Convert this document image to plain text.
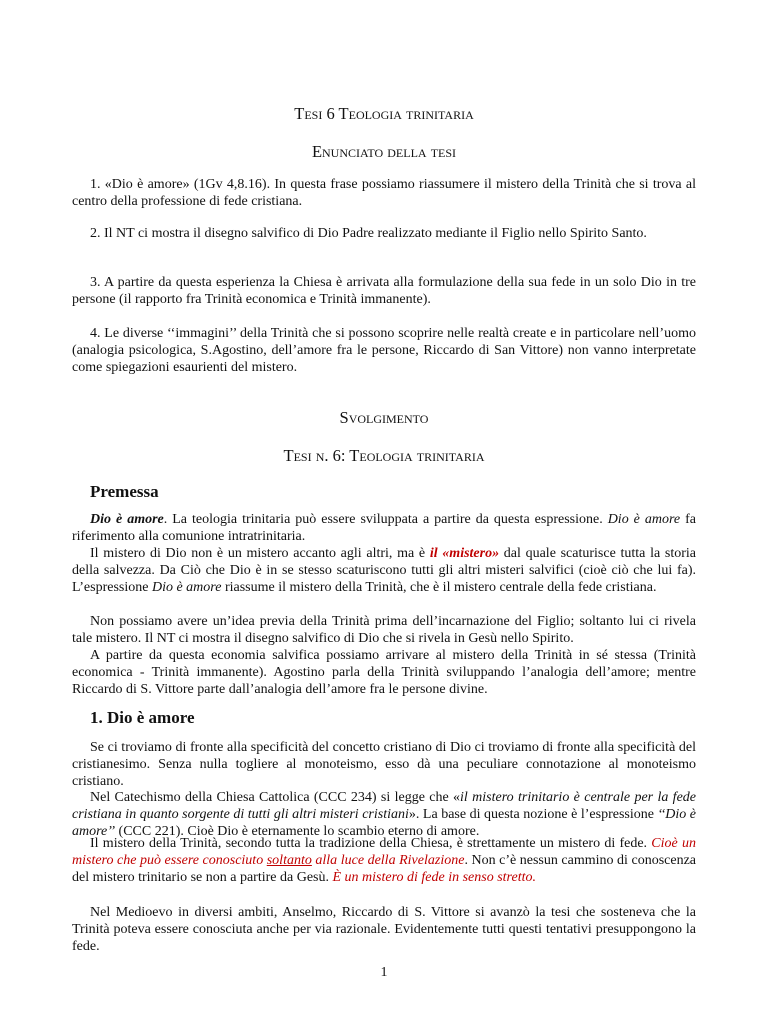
Tesi 6 Teologia trinitaria
Enunciato della tesi
1. «Dio è amore» (1Gv 4,8.16). In questa frase possiamo riassumere il mistero della Trinità che si trova al centro della professione di fede cristiana.
2. Il NT ci mostra il disegno salvifico di Dio Padre realizzato mediante il Figlio nello Spirito Santo.
3. A partire da questa esperienza la Chiesa è arrivata alla formulazione della sua fede in un solo Dio in tre persone (il rapporto fra Trinità economica e Trinità immanente).
4. Le diverse ‘‘immagini’’ della Trinità che si possono scoprire nelle realtà create e in particolare nell’uomo (analogia psicologica, S.Agostino, dell’amore fra le persone, Riccardo di San Vittore) non vanno interpretate come spiegazioni esaurienti del mistero.
Svolgimento
Tesi n. 6: Teologia trinitaria
Premessa
Dio è amore. La teologia trinitaria può essere sviluppata a partire da questa espressione. Dio è amore fa riferimento alla comunione intratrinitaria.
Il mistero di Dio non è un mistero accanto agli altri, ma è il «mistero» dal quale scaturisce tutta la storia della salvezza. Da Ciò che Dio è in se stesso scaturiscono tutti gli altri misteri salvifici (cioè ciò che lui fa). L’espressione Dio è amore riassume il mistero della Trinità, che è il mistero centrale della fede cristiana.
Non possiamo avere un’idea previa della Trinità prima dell’incarnazione del Figlio; soltanto lui ci rivela tale mistero. Il NT ci mostra il disegno salvifico di Dio che si rivela in Gesù nello Spirito.
A partire da questa economia salvifica possiamo arrivare al mistero della Trinità in sé stessa (Trinità economica - Trinità immanente). Agostino parla della Trinità sviluppando l’analogia dell’amore; mentre Riccardo di S. Vittore parte dall’analogia dell’amore fra le persone divine.
1. Dio è amore
Se ci troviamo di fronte alla specificità del concetto cristiano di Dio ci troviamo di fronte alla specificità del cristianesimo. Senza nulla togliere al monoteismo, esso dà una peculiare connotazione al monoteismo cristiano.
Nel Catechismo della Chiesa Cattolica (CCC 234) si legge che «il mistero trinitario è centrale per la fede cristiana in quanto sorgente di tutti gli altri misteri cristiani». La base di questa nozione è l’espressione ‘‘Dio è amore’’ (CCC 221). Cioè Dio è eternamente lo scambio eterno di amore.
Il mistero della Trinità, secondo tutta la tradizione della Chiesa, è strettamente un mistero di fede. Cioè un mistero che può essere conosciuto soltanto alla luce della Rivelazione. Non c’è nessun cammino di conoscenza del mistero trinitario se non a partire da Gesù. È un mistero di fede in senso stretto.
Nel Medioevo in diversi ambiti, Anselmo, Riccardo di S. Vittore si avanzò la tesi che sosteneva che la Trinità poteva essere conosciuta anche per via razionale. Evidentemente tutti questi tentativi presuppongono la fede.
1
